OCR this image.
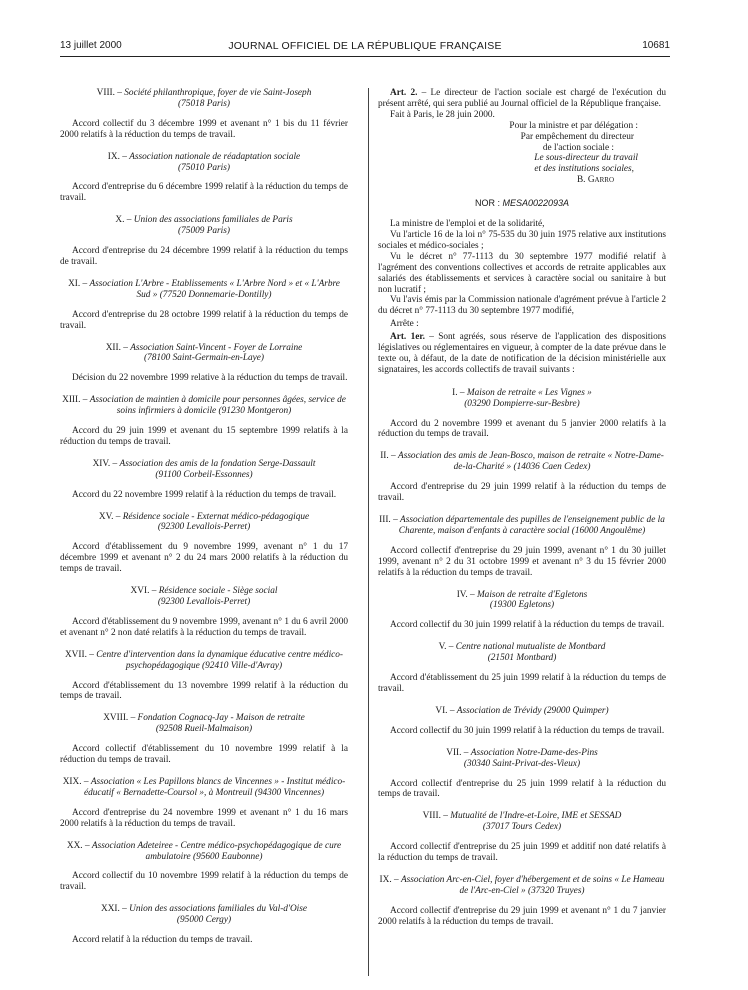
13 juillet 2000	JOURNAL OFFICIEL DE LA RÉPUBLIQUE FRANÇAISE	10681

VIII. – Société philanthropique, foyer de vie Saint-Joseph

(75018 Paris)

Accord collectif du 3 décembre 1999 et avenant n° 1 bis du 11 février 2000 relatifs à la réduction du temps de travail.

IX. – Association nationale de réadaptation sociale

(75010 Paris)

Accord d'entreprise du 6 décembre 1999 relatif à la réduction du temps de travail.

X. – Union des associations familiales de Paris

(75009 Paris)

Accord d'entreprise du 24 décembre 1999 relatif à la réduction du temps de travail.

XI. – Association L'Arbre - Etablissements « L'Arbre Nord » et « L'Arbre Sud » (77520 Donnemarie-Dontilly)

Accord d'entreprise du 28 octobre 1999 relatif à la réduction du temps de travail.

XII. – Association Saint-Vincent - Foyer de Lorraine

(78100 Saint-Germain-en-Laye)

Décision du 22 novembre 1999 relative à la réduction du temps de travail.

XIII. – Association de maintien à domicile pour personnes âgées, service de soins infirmiers à domicile (91230 Montgeron)

Accord du 29 juin 1999 et avenant du 15 septembre 1999 relatifs à la réduction du temps de travail.

XIV. – Association des amis de la fondation Serge-Dassault

(91100 Corbeil-Essonnes)

Accord du 22 novembre 1999 relatif à la réduction du temps de travail.

XV. – Résidence sociale - Externat médico-pédagogique

(92300 Levallois-Perret)

Accord d'établissement du 9 novembre 1999, avenant n° 1 du 17 décembre 1999 et avenant n° 2 du 24 mars 2000 relatifs à la réduction du temps de travail.

XVI. – Résidence sociale - Siège social

(92300 Levallois-Perret)

Accord d'établissement du 9 novembre 1999, avenant n° 1 du 6 avril 2000 et avenant n° 2 non daté relatifs à la réduction du temps de travail.

XVII. – Centre d'intervention dans la dynamique éducative centre médico-psychopédagogique (92410 Ville-d'Avray)

Accord d'établissement du 13 novembre 1999 relatif à la réduction du temps de travail.

XVIII. – Fondation Cognacq-Jay - Maison de retraite

(92508 Rueil-Malmaison)

Accord collectif d'établissement du 10 novembre 1999 relatif à la réduction du temps de travail.

XIX. – Association « Les Papillons blancs de Vincennes » - Institut médico-éducatif « Bernadette-Coursol », à Montreuil (94300 Vincennes)

Accord d'entreprise du 24 novembre 1999 et avenant n° 1 du 16 mars 2000 relatifs à la réduction du temps de travail.

XX. – Association Adeteiree - Centre médico-psychopédagogique de cure ambulatoire (95600 Eaubonne)

Accord collectif du 10 novembre 1999 relatif à la réduction du temps de travail.

XXI. – Union des associations familiales du Val-d'Oise

(95000 Cergy)

Accord relatif à la réduction du temps de travail.

Art. 2. – Le directeur de l'action sociale est chargé de l'exécution du présent arrêté, qui sera publié au Journal officiel de la République française.

Fait à Paris, le 28 juin 2000.

Pour la ministre et par délégation :

Par empêchement du directeur

de l'action sociale :

Le sous-directeur du travail

et des institutions sociales,

B. Garro

NOR : MESA0022093A

La ministre de l'emploi et de la solidarité,

Vu l'article 16 de la loi n° 75-535 du 30 juin 1975 relative aux institutions sociales et médico-sociales ;

Vu le décret n° 77-1113 du 30 septembre 1977 modifié relatif à l'agrément des conventions collectives et accords de retraite applicables aux salariés des établissements et services à caractère social ou sanitaire à but non lucratif ;

Vu l'avis émis par la Commission nationale d'agrément prévue à l'article 2 du décret n° 77-1113 du 30 septembre 1977 modifié,

Arrête :

Art. 1er. – Sont agréés, sous réserve de l'application des dispositions législatives ou réglementaires en vigueur, à compter de la date prévue dans le texte ou, à défaut, de la date de notification de la décision ministérielle aux signataires, les accords collectifs de travail suivants :

I. – Maison de retraite « Les Vignes »

(03290 Dompierre-sur-Besbre)

Accord du 2 novembre 1999 et avenant du 5 janvier 2000 relatifs à la réduction du temps de travail.

II. – Association des amis de Jean-Bosco, maison de retraite « Notre-Dame-de-la-Charité » (14036 Caen Cedex)

Accord d'entreprise du 29 juin 1999 relatif à la réduction du temps de travail.

III. – Association départementale des pupilles de l'enseignement public de la Charente, maison d'enfants à caractère social (16000 Angoulême)

Accord collectif d'entreprise du 29 juin 1999, avenant n° 1 du 30 juillet 1999, avenant n° 2 du 31 octobre 1999 et avenant n° 3 du 15 février 2000 relatifs à la réduction du temps de travail.

IV. – Maison de retraite d'Egletons

(19300 Egletons)

Accord collectif du 30 juin 1999 relatif à la réduction du temps de travail.

V. – Centre national mutualiste de Montbard

(21501 Montbard)

Accord d'établissement du 25 juin 1999 relatif à la réduction du temps de travail.

VI. – Association de Trévidy (29000 Quimper)

Accord collectif du 30 juin 1999 relatif à la réduction du temps de travail.

VII. – Association Notre-Dame-des-Pins

(30340 Saint-Privat-des-Vieux)

Accord collectif d'entreprise du 25 juin 1999 relatif à la réduction du temps de travail.

VIII. – Mutualité de l'Indre-et-Loire, IME et SESSAD

(37017 Tours Cedex)

Accord collectif d'entreprise du 25 juin 1999 et additif non daté relatifs à la réduction du temps de travail.

IX. – Association Arc-en-Ciel, foyer d'hébergement et de soins « Le Hameau de l'Arc-en-Ciel » (37320 Truyes)

Accord collectif d'entreprise du 29 juin 1999 et avenant n° 1 du 7 janvier 2000 relatifs à la réduction du temps de travail.
